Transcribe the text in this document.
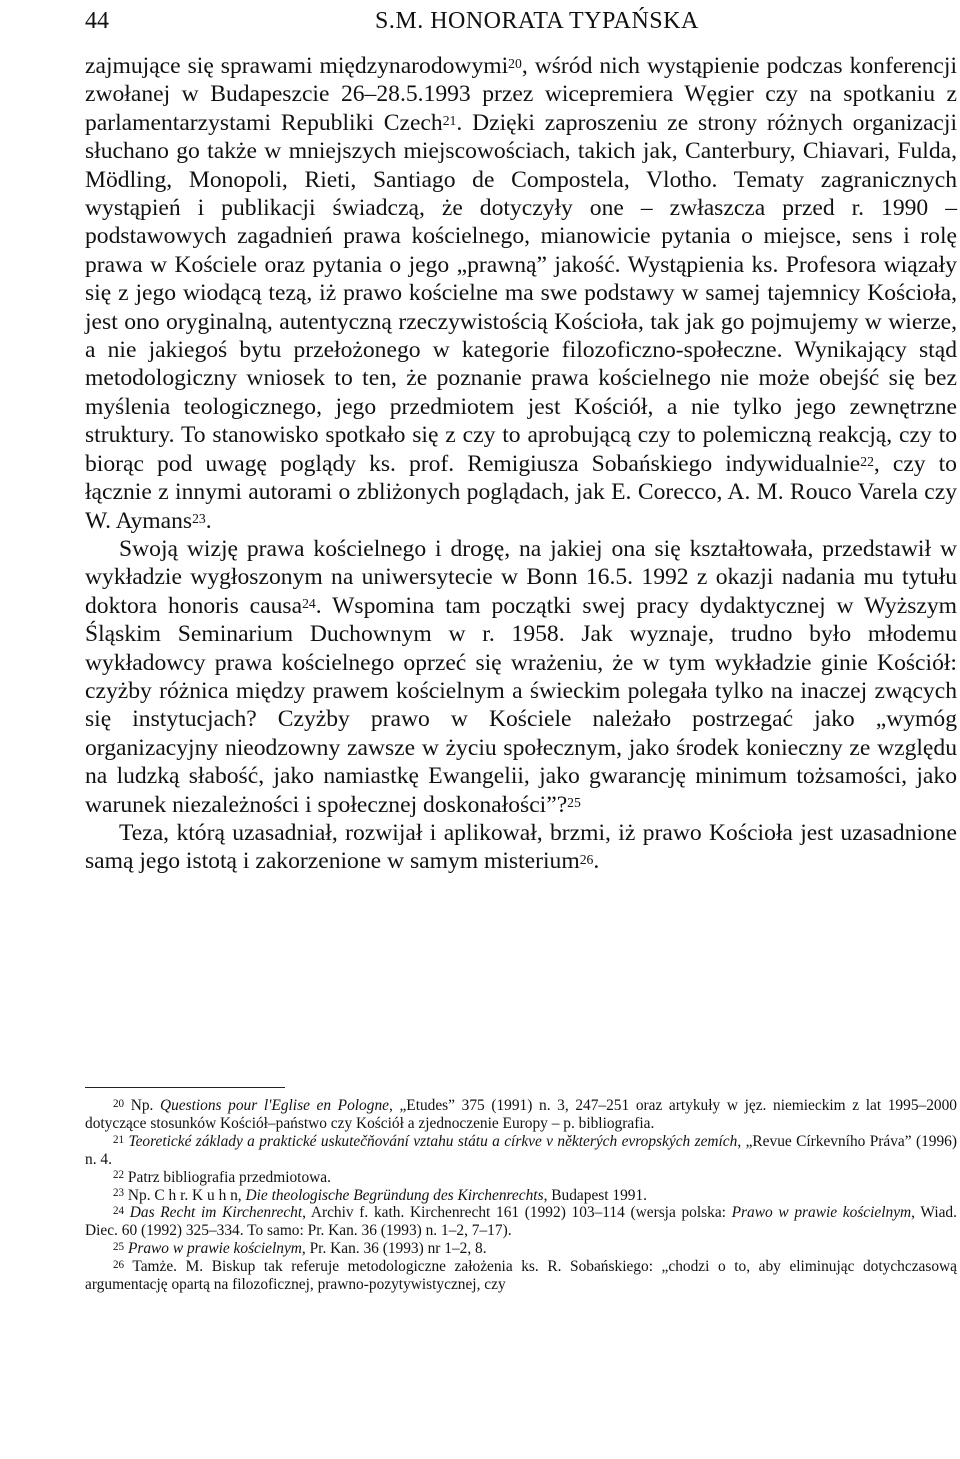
44	S.M. HONORATA TYPAŃSKA

zajmujące się sprawami międzynarodowymi$^{20}$, wśród nich wystąpienie podczas konferencji zwołanej w Budapeszcie 26–28.5.1993 przez wicepremiera Węgier czy na spotkaniu z parlamentarzystami Republiki Czech$^{21}$. Dzięki zaproszeniu ze strony różnych organizacji słuchano go także w mniejszych miejscowościach, takich jak, Canterbury, Chiavari, Fulda, Mödling, Monopoli, Rieti, Santiago de Compostela, Vlotho. Tematy zagranicznych wystąpień i publikacji świadczą, że dotyczyły one – zwłaszcza przed r. 1990 – podstawowych zagadnień prawa kościelnego, mianowicie pytania o miejsce, sens i rolę prawa w Kościele oraz pytania o jego „prawną” jakość. Wystąpienia ks. Profesora wiązały się z jego wiodącą tezą, iż prawo kościelne ma swe podstawy w samej tajemnicy Kościoła, jest ono oryginalną, autentyczną rzeczywistością Kościoła, tak jak go pojmujemy w wierze, a nie jakiegoś bytu przełożonego w kategorie filozoficzno-społeczne. Wynikający stąd metodologiczny wniosek to ten, że poznanie prawa kościelnego nie może obejść się bez myślenia teologicznego, jego przedmiotem jest Kościół, a nie tylko jego zewnętrzne struktury. To stanowisko spotkało się z czy to aprobującą czy to polemiczną reakcją, czy to biorąc pod uwagę poglądy ks. prof. Remigiusza Sobańskiego indywidualnie$^{22}$, czy to łącznie z innymi autorami o zbliżonych poglądach, jak E. Corecco, A. M. Rouco Varela czy W. Aymans$^{23}$.

Swoją wizję prawa kościelnego i drogę, na jakiej ona się kształtowała, przedstawił w wykładzie wygłoszonym na uniwersytecie w Bonn 16.5. 1992 z okazji nadania mu tytułu doktora honoris causa$^{24}$. Wspomina tam początki swej pracy dydaktycznej w Wyższym Śląskim Seminarium Duchownym w r. 1958. Jak wyznaje, trudno było młodemu wykładowcy prawa kościelnego oprzeć się wrażeniu, że w tym wykładzie ginie Kościół: czyżby różnica między prawem kościelnym a świeckim polegała tylko na inaczej zwących się instytucjach? Czyżby prawo w Kościele należało postrzegać jako „wymóg organizacyjny nieodzowny zawsze w życiu społecznym, jako środek konieczny ze względu na ludzką słabość, jako namiastkę Ewangelii, jako gwarancję minimum tożsamości, jako warunek niezależności i społecznej doskonałości”?$^{25}$

Teza, którą uzasadniał, rozwijał i aplikował, brzmi, iż prawo Kościoła jest uzasadnione samą jego istotą i zakorzenione w samym misterium$^{26}$.

$^{20}$ Np. Questions pour l'Eglise en Pologne, „Etudes” 375 (1991) n. 3, 247–251 oraz artykuły w jęz. niemieckim z lat 1995–2000 dotyczące stosunków Kościół–państwo czy Kościół a zjednoczenie Europy – p. bibliografia.

$^{21}$ Teoretické základy a praktické uskutečňování vztahu státu a církve v některých evropských zemích, „Revue Církevního Práva” (1996) n. 4.

$^{22}$ Patrz bibliografia przedmiotowa.

$^{23}$ Np. C h r. K u h n, Die theologische Begründung des Kirchenrechts, Budapest 1991.

$^{24}$ Das Recht im Kirchenrecht, Archiv f. kath. Kirchenrecht 161 (1992) 103–114 (wersja polska: Prawo w prawie kościelnym, Wiad. Diec. 60 (1992) 325–334. To samo: Pr. Kan. 36 (1993) n. 1–2, 7–17).

$^{25}$ Prawo w prawie kościelnym, Pr. Kan. 36 (1993) nr 1–2, 8.

$^{26}$ Tamże. M. Biskup tak referuje metodologiczne założenia ks. R. Sobańskiego: „chodzi o to, aby eliminując dotychczasową argumentację opartą na filozoficznej, prawno-pozytywistycznej, czy
